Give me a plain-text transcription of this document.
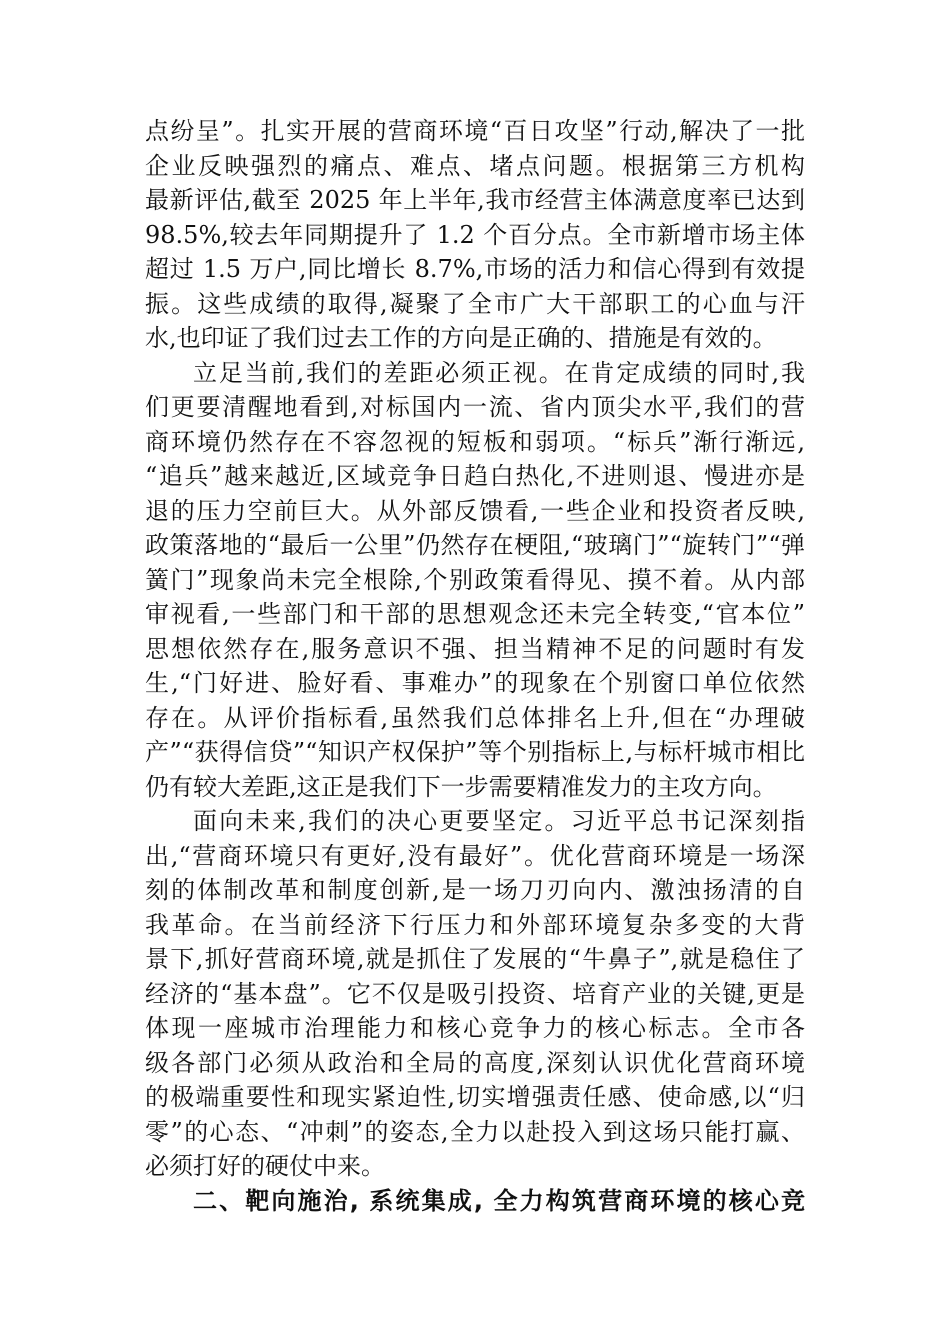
点纷呈”。扎实开展的营商环境“百日攻坚”行动,解决了一批
企业反映强烈的痛点、难点、堵点问题。根据第三方机构
最新评估,截至 2025 年上半年,我市经营主体满意度率已达到
98.5%,较去年同期提升了 1.2 个百分点。全市新增市场主体
超过 1.5 万户,同比增长 8.7%,市场的活力和信心得到有效提
振。这些成绩的取得,凝聚了全市广大干部职工的心血与汗
水,也印证了我们过去工作的方向是正确的、措施是有效的。
立足当前,我们的差距必须正视。在肯定成绩的同时,我
们更要清醒地看到,对标国内一流、省内顶尖水平,我们的营
商环境仍然存在不容忽视的短板和弱项。“标兵”渐行渐远,
“追兵”越来越近,区域竞争日趋白热化,不进则退、慢进亦是
退的压力空前巨大。从外部反馈看,一些企业和投资者反映,
政策落地的“最后一公里”仍然存在梗阻,“玻璃门”“旋转门”“弹
簧门”现象尚未完全根除,个别政策看得见、摸不着。从内部
审视看,一些部门和干部的思想观念还未完全转变,“官本位”
思想依然存在,服务意识不强、担当精神不足的问题时有发
生,“门好进、脸好看、事难办”的现象在个别窗口单位依然
存在。从评价指标看,虽然我们总体排名上升,但在“办理破
产”“获得信贷”“知识产权保护”等个别指标上,与标杆城市相比
仍有较大差距,这正是我们下一步需要精准发力的主攻方向。
面向未来,我们的决心更要坚定。习近平总书记深刻指
出,“营商环境只有更好,没有最好”。优化营商环境是一场深
刻的体制改革和制度创新,是一场刀刃向内、激浊扬清的自
我革命。在当前经济下行压力和外部环境复杂多变的大背
景下,抓好营商环境,就是抓住了发展的“牛鼻子”,就是稳住了
经济的“基本盘”。它不仅是吸引投资、培育产业的关键,更是
体现一座城市治理能力和核心竞争力的核心标志。全市各
级各部门必须从政治和全局的高度,深刻认识优化营商环境
的极端重要性和现实紧迫性,切实增强责任感、使命感,以“归
零”的心态、“冲刺”的姿态,全力以赴投入到这场只能打赢、
必须打好的硬仗中来。
二、靶向施治, 系统集成, 全力构筑营商环境的核心竞
